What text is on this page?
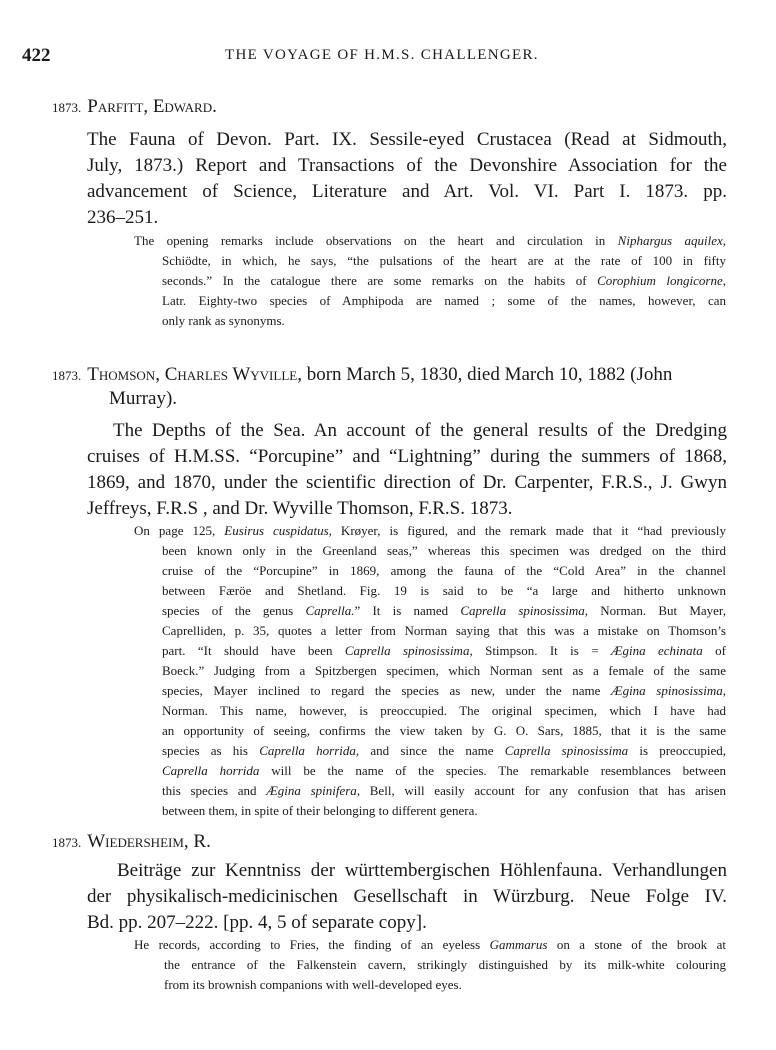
422	THE VOYAGE OF H.M.S. CHALLENGER.
1873. Parfitt, Edward.
The Fauna of Devon. Part. IX. Sessile-eyed Crustacea (Read at Sidmouth,
July, 1873.) Report and Transactions of the Devonshire Association for the
advancement of Science, Literature and Art. Vol. VI. Part I. 1873. pp.
236–251.
The opening remarks include observations on the heart and circulation in Niphargus aquilex,
Schiödte, in which, he says, “the pulsations of the heart are at the rate of 100 in fifty
seconds.” In the catalogue there are some remarks on the habits of Corophium longicorne,
Latr. Eighty-two species of Amphipoda are named ; some of the names, however, can
only rank as synonyms.
1873. Thomson, Charles Wyville, born March 5, 1830, died March 10, 1882 (John
Murray).
The Depths of the Sea. An account of the general results of the Dredging
cruises of H.M.SS. “Porcupine” and “Lightning” during the summers of 1868,
1869, and 1870, under the scientific direction of Dr. Carpenter, F.R.S., J. Gwyn
Jeffreys, F.R.S , and Dr. Wyville Thomson, F.R.S. 1873.
On page 125, Eusirus cuspidatus, Krøyer, is figured, and the remark made that it “had previously
been known only in the Greenland seas,” whereas this specimen was dredged on the third
cruise of the “Porcupine” in 1869, among the fauna of the “Cold Area” in the channel
between Færöe and Shetland. Fig. 19 is said to be “a large and hitherto unknown
species of the genus Caprella.” It is named Caprella spinosissima, Norman. But Mayer,
Caprelliden, p. 35, quotes a letter from Norman saying that this was a mistake on Thomson’s
part. “It should have been Caprella spinosissima, Stimpson. It is = Ægina echinata of
Boeck.” Judging from a Spitzbergen specimen, which Norman sent as a female of the same
species, Mayer inclined to regard the species as new, under the name Ægina spinosissima,
Norman. This name, however, is preoccupied. The original specimen, which I have had
an opportunity of seeing, confirms the view taken by G. O. Sars, 1885, that it is the same
species as his Caprella horrida, and since the name Caprella spinosissima is preoccupied,
Caprella horrida will be the name of the species. The remarkable resemblances between
this species and Ægina spinifera, Bell, will easily account for any confusion that has arisen
between them, in spite of their belonging to different genera.
1873. Wiedersheim, R.
Beiträge zur Kenntniss der württembergischen Höhlenfauna. Verhandlungen
der physikalisch-medicinischen Gesellschaft in Würzburg. Neue Folge IV.
Bd. pp. 207–222. [pp. 4, 5 of separate copy].
He records, according to Fries, the finding of an eyeless Gammarus on a stone of the brook at
the entrance of the Falkenstein cavern, strikingly distinguished by its milk-white colouring
from its brownish companions with well-developed eyes.
